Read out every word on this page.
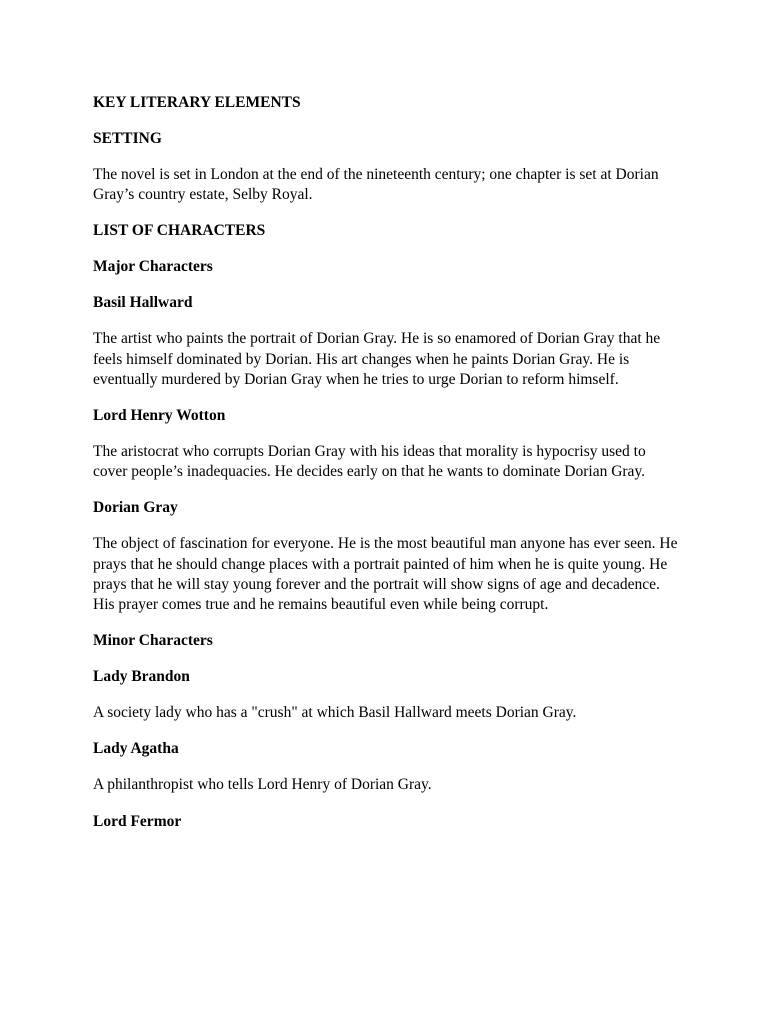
KEY LITERARY ELEMENTS
SETTING
The novel is set in London at the end of the nineteenth century; one chapter is set at Dorian Gray’s country estate, Selby Royal.
LIST OF CHARACTERS
Major Characters
Basil Hallward
The artist who paints the portrait of Dorian Gray. He is so enamored of Dorian Gray that he feels himself dominated by Dorian. His art changes when he paints Dorian Gray. He is eventually murdered by Dorian Gray when he tries to urge Dorian to reform himself.
Lord Henry Wotton
The aristocrat who corrupts Dorian Gray with his ideas that morality is hypocrisy used to cover people’s inadequacies. He decides early on that he wants to dominate Dorian Gray.
Dorian Gray
The object of fascination for everyone. He is the most beautiful man anyone has ever seen. He prays that he should change places with a portrait painted of him when he is quite young. He prays that he will stay young forever and the portrait will show signs of age and decadence. His prayer comes true and he remains beautiful even while being corrupt.
Minor Characters
Lady Brandon
A society lady who has a "crush" at which Basil Hallward meets Dorian Gray.
Lady Agatha
A philanthropist who tells Lord Henry of Dorian Gray.
Lord Fermor
